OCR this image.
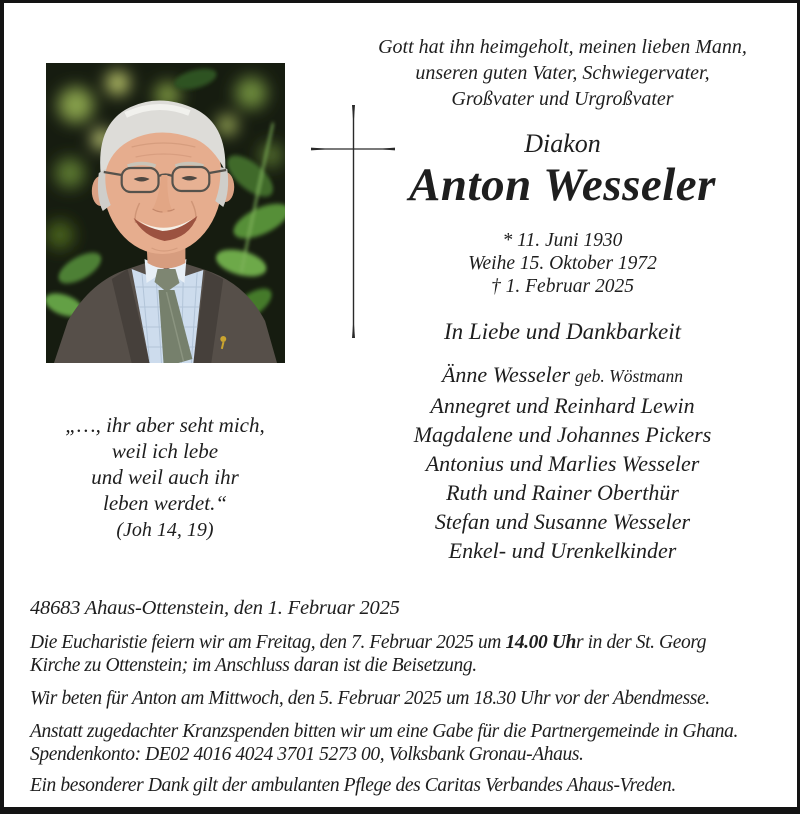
Gott hat ihn heimgeholt, meinen lieben Mann,
unseren guten Vater, Schwiegervater,
Großvater und Urgroßvater
Diakon
Anton Wesseler
* 11. Juni 1930
Weihe 15. Oktober 1972
† 1. Februar 2025
In Liebe und Dankbarkeit
Änne Wesseler geb. Wöstmann
Annegret und Reinhard Lewin
Magdalene und Johannes Pickers
Antonius und Marlies Wesseler
Ruth und Rainer Oberthür
Stefan und Susanne Wesseler
Enkel- und Urenkelkinder
„…, ihr aber seht mich,
weil ich lebe
und weil auch ihr
leben werdet.“
(Joh 14, 19)
48683 Ahaus-Ottenstein, den 1. Februar 2025
Die Eucharistie feiern wir am Freitag, den 7. Februar 2025 um 14.00 Uhr in der St. Georg
Kirche zu Ottenstein; im Anschluss daran ist die Beisetzung.
Wir beten für Anton am Mittwoch, den 5. Februar 2025 um 18.30 Uhr vor der Abendmesse.
Anstatt zugedachter Kranzspenden bitten wir um eine Gabe für die Partnergemeinde in Ghana.
Spendenkonto: DE02 4016 4024 3701 5273 00, Volksbank Gronau-Ahaus.
Ein besonderer Dank gilt der ambulanten Pflege des Caritas Verbandes Ahaus-Vreden.
